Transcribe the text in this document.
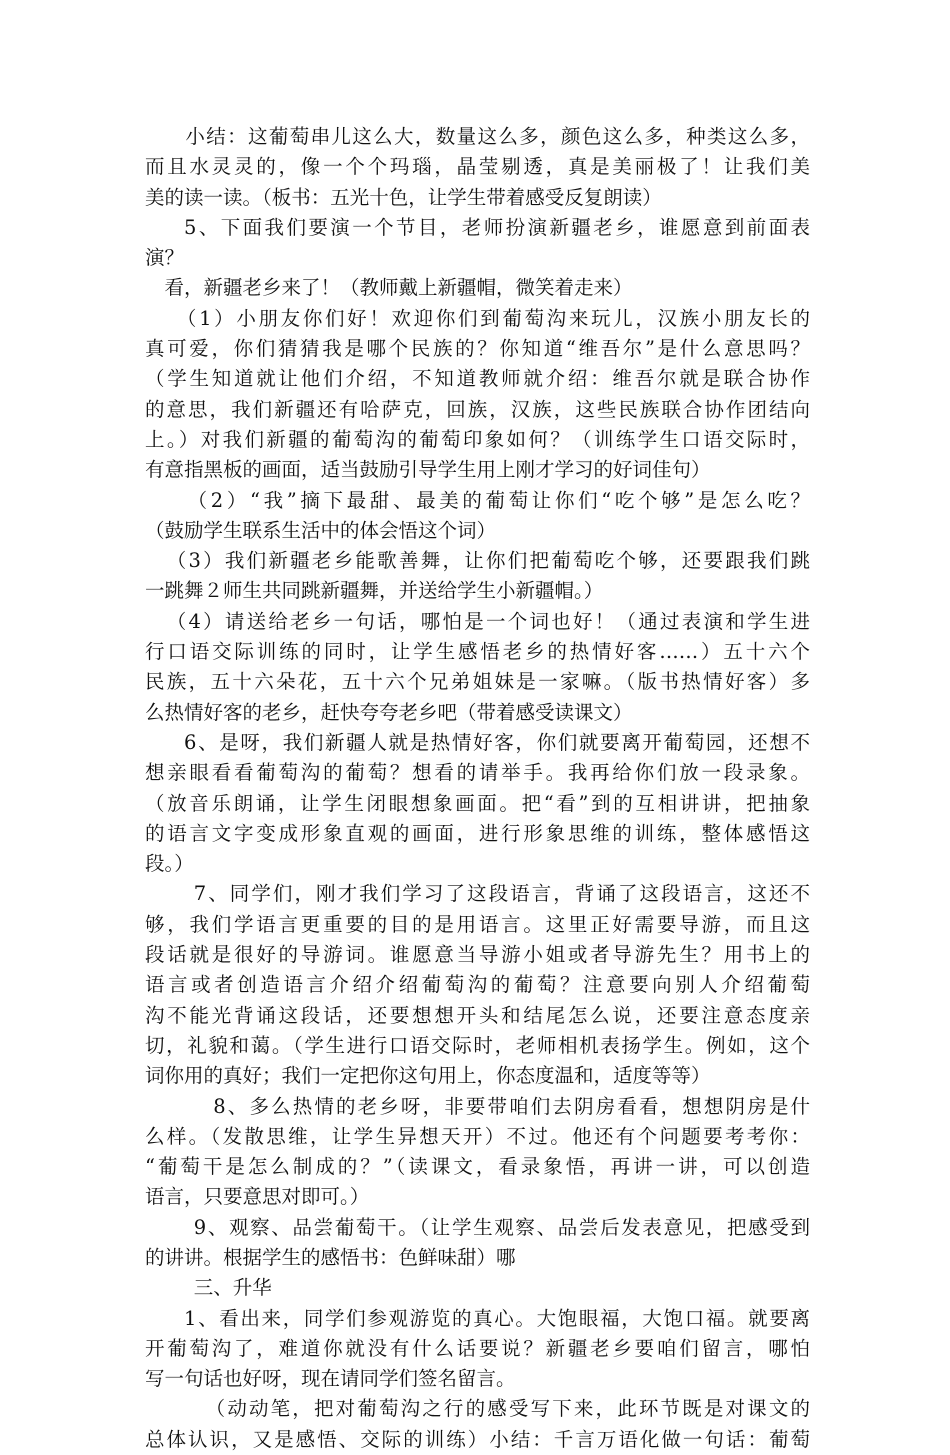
小结：这葡萄串儿这么大，数量这么多，颜色这么多，种类这么多，
而且水灵灵的，像一个个玛瑙，晶莹剔透，真是美丽极了！让我们美
美的读一读。（板书：五光十色，让学生带着感受反复朗读）
5、下面我们要演一个节目，老师扮演新疆老乡，谁愿意到前面表
演？
看，新疆老乡来了！（教师戴上新疆帽，微笑着走来）
（1）小朋友你们好！欢迎你们到葡萄沟来玩儿，汉族小朋友长的
真可爱，你们猜猜我是哪个民族的？你知道“维吾尔”是什么意思吗？
（学生知道就让他们介绍，不知道教师就介绍：维吾尔就是联合协作
的意思，我们新疆还有哈萨克，回族，汉族，这些民族联合协作团结向
上。）对我们新疆的葡萄沟的葡萄印象如何？（训练学生口语交际时，
有意指黑板的画面，适当鼓励引导学生用上刚才学习的好词佳句）
（2）“我”摘下最甜、最美的葡萄让你们“吃个够”是怎么吃？
（鼓励学生联系生活中的体会悟这个词）
（3）我们新疆老乡能歌善舞，让你们把葡萄吃个够，还要跟我们跳
一跳舞２师生共同跳新疆舞，并送给学生小新疆帽。）
（4）请送给老乡一句话，哪怕是一个词也好！（通过表演和学生进
行口语交际训练的同时，让学生感悟老乡的热情好客……）五十六个
民族，五十六朵花，五十六个兄弟姐妹是一家嘛。（版书热情好客）多
么热情好客的老乡，赶快夸夸老乡吧（带着感受读课文）
6、是呀，我们新疆人就是热情好客，你们就要离开葡萄园，还想不
想亲眼看看葡萄沟的葡萄？想看的请举手。我再给你们放一段录象。
（放音乐朗诵，让学生闭眼想象画面。把“看”到的互相讲讲，把抽象
的语言文字变成形象直观的画面，进行形象思维的训练，整体感悟这
段。）
7、同学们，刚才我们学习了这段语言，背诵了这段语言，这还不
够，我们学语言更重要的目的是用语言。这里正好需要导游，而且这
段话就是很好的导游词。谁愿意当导游小姐或者导游先生？用书上的
语言或者创造语言介绍介绍葡萄沟的葡萄？注意要向别人介绍葡萄
沟不能光背诵这段话，还要想想开头和结尾怎么说，还要注意态度亲
切，礼貌和蔼。（学生进行口语交际时，老师相机表扬学生。例如，这个
词你用的真好；我们一定把你这句用上，你态度温和，适度等等）
8、多么热情的老乡呀，非要带咱们去阴房看看，想想阴房是什
么样。（发散思维，让学生异想天开）不过。他还有个问题要考考你：
“葡萄干是怎么制成的？”（读课文，看录象悟，再讲一讲，可以创造
语言，只要意思对即可。）
9、观察、品尝葡萄干。（让学生观察、品尝后发表意见，把感受到
的讲讲。根据学生的感悟书：色鲜味甜）哪
三、升华
1、看出来，同学们参观游览的真心。大饱眼福，大饱口福。就要离
开葡萄沟了，难道你就没有什么话要说？新疆老乡要咱们留言，哪怕
写一句话也好呀，现在请同学们签名留言。
（动动笔，把对葡萄沟之行的感受写下来，此环节既是对课文的
总体认识，又是感悟、交际的训练）小结：千言万语化做一句话：葡萄
